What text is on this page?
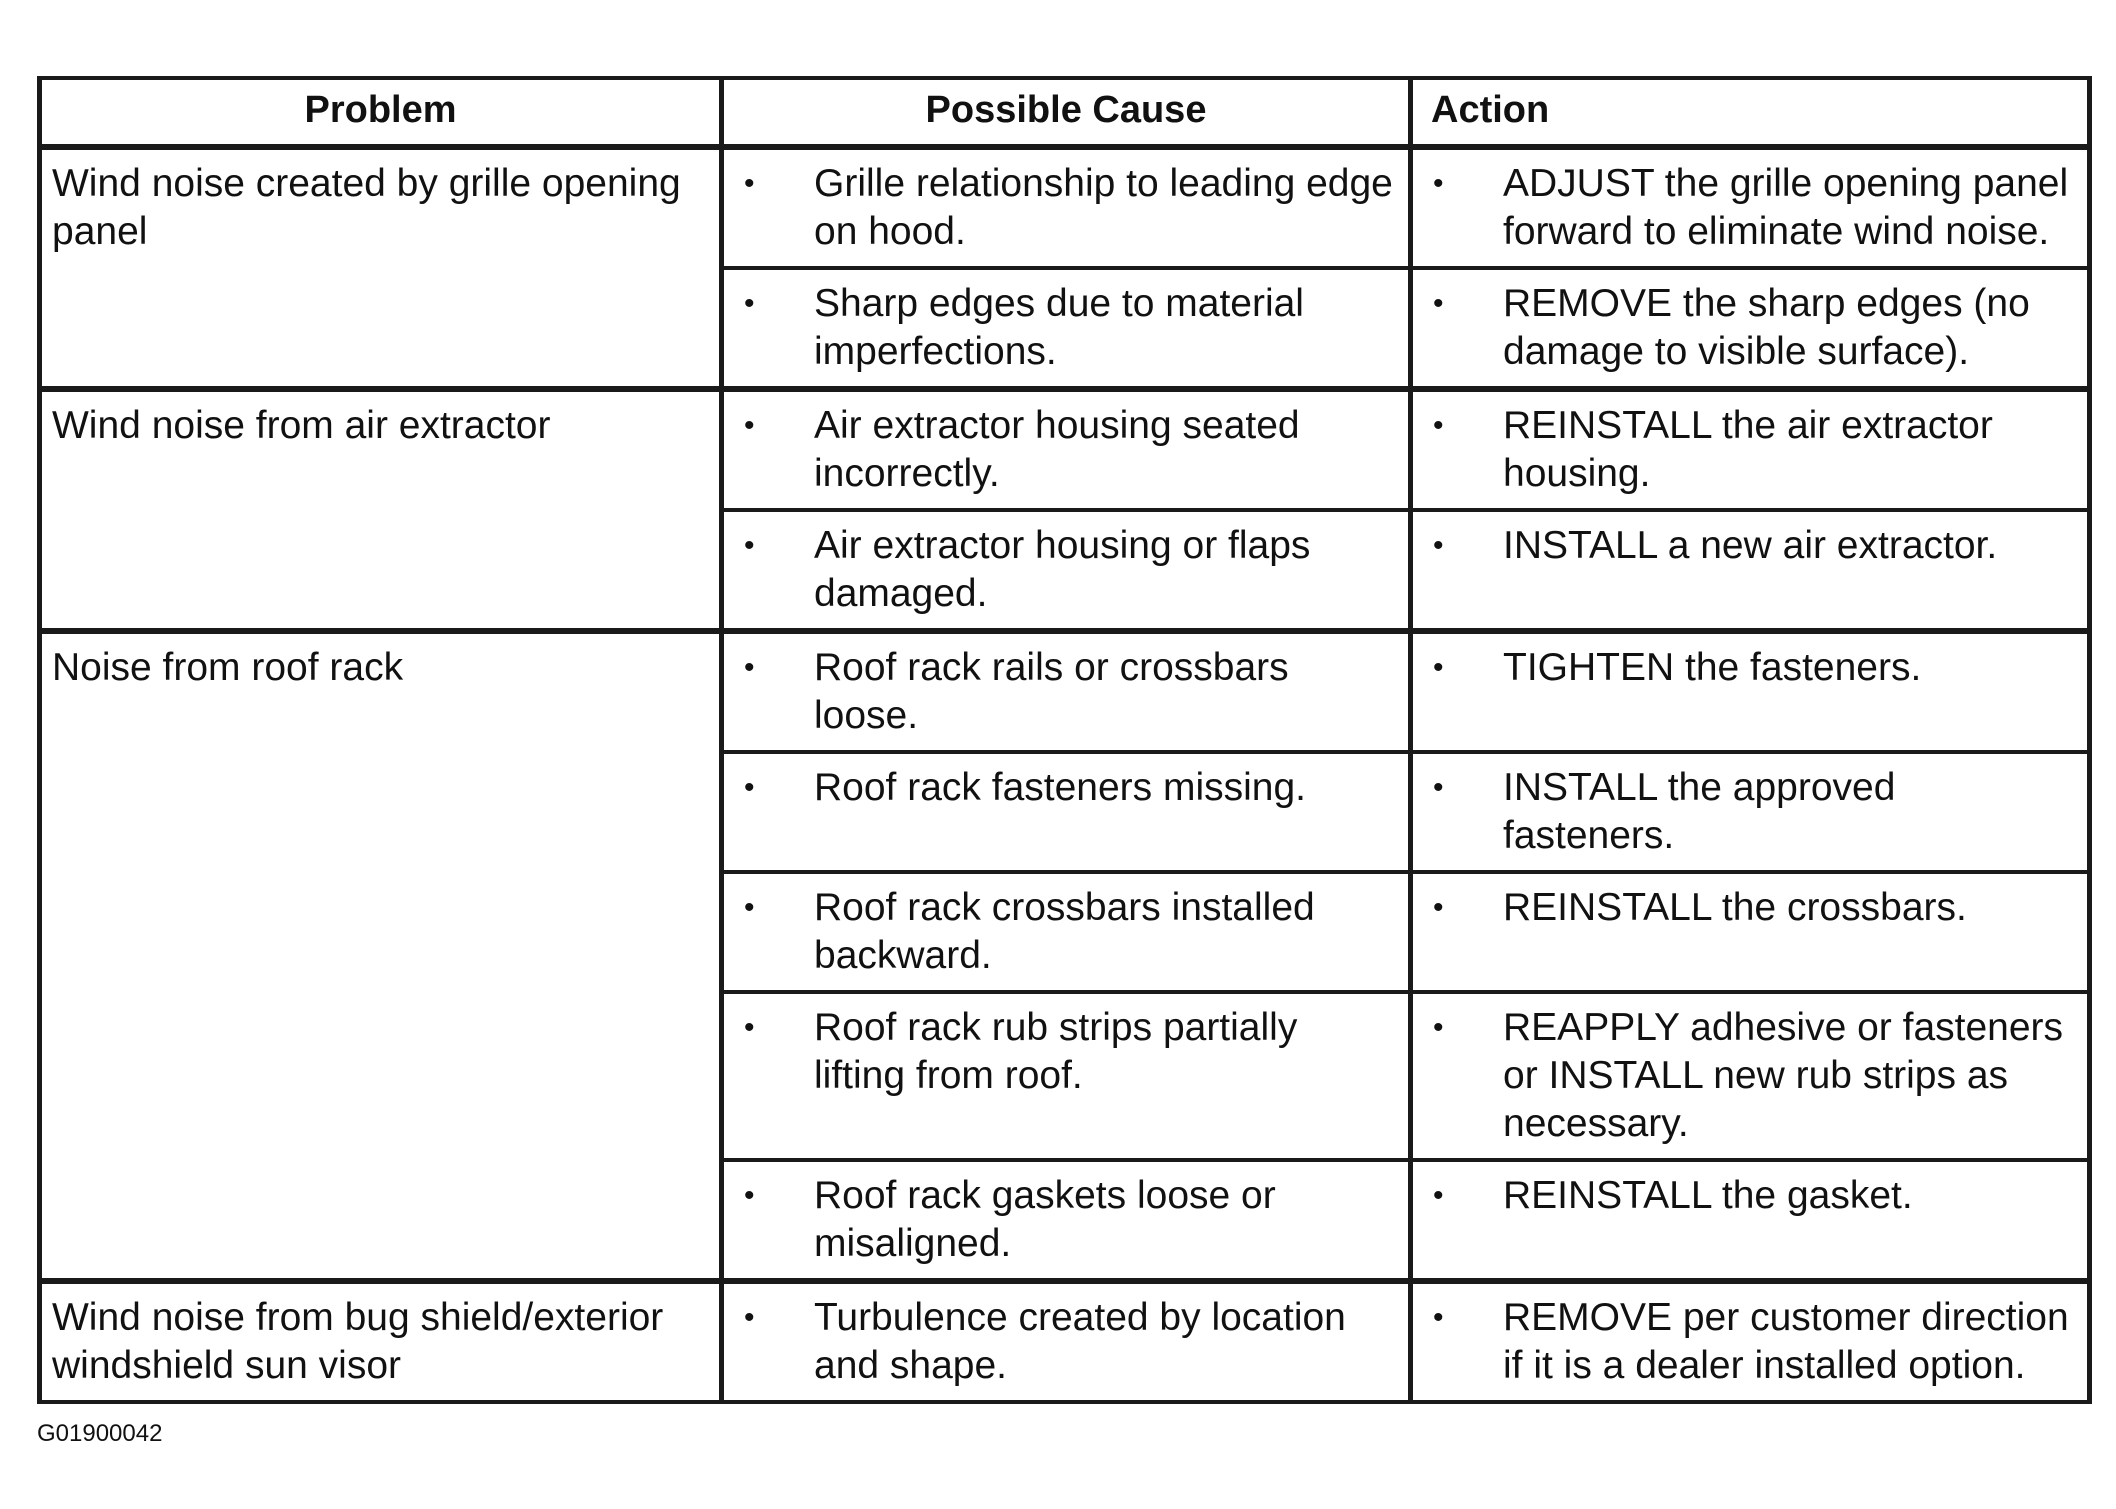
Problem	Possible Cause	Action
Wind noise created by grille opening panel	• Grille relationship to leading edge on hood.	• ADJUST the grille opening panel forward to eliminate wind noise.

	• Sharp edges due to material imperfections.	• REMOVE the sharp edges (no damage to visible surface).

Wind noise from air extractor	• Air extractor housing seated incorrectly.	• REINSTALL the air extractor housing.

	• Air extractor housing or flaps damaged.	• INSTALL a new air extractor.

Noise from roof rack	• Roof rack rails or crossbars loose.	• TIGHTEN the fasteners.

	• Roof rack fasteners missing.	• INSTALL the approved fasteners.

	• Roof rack crossbars installed backward.	• REINSTALL the crossbars.

	• Roof rack rub strips partially lifting from roof.	• REAPPLY adhesive or fasteners or INSTALL new rub strips as necessary.

	• Roof rack gaskets loose or misaligned.	• REINSTALL the gasket.

Wind noise from bug shield/exterior windshield sun visor	• Turbulence created by location and shape.	• REMOVE per customer direction if it is a dealer installed option.
G01900042
